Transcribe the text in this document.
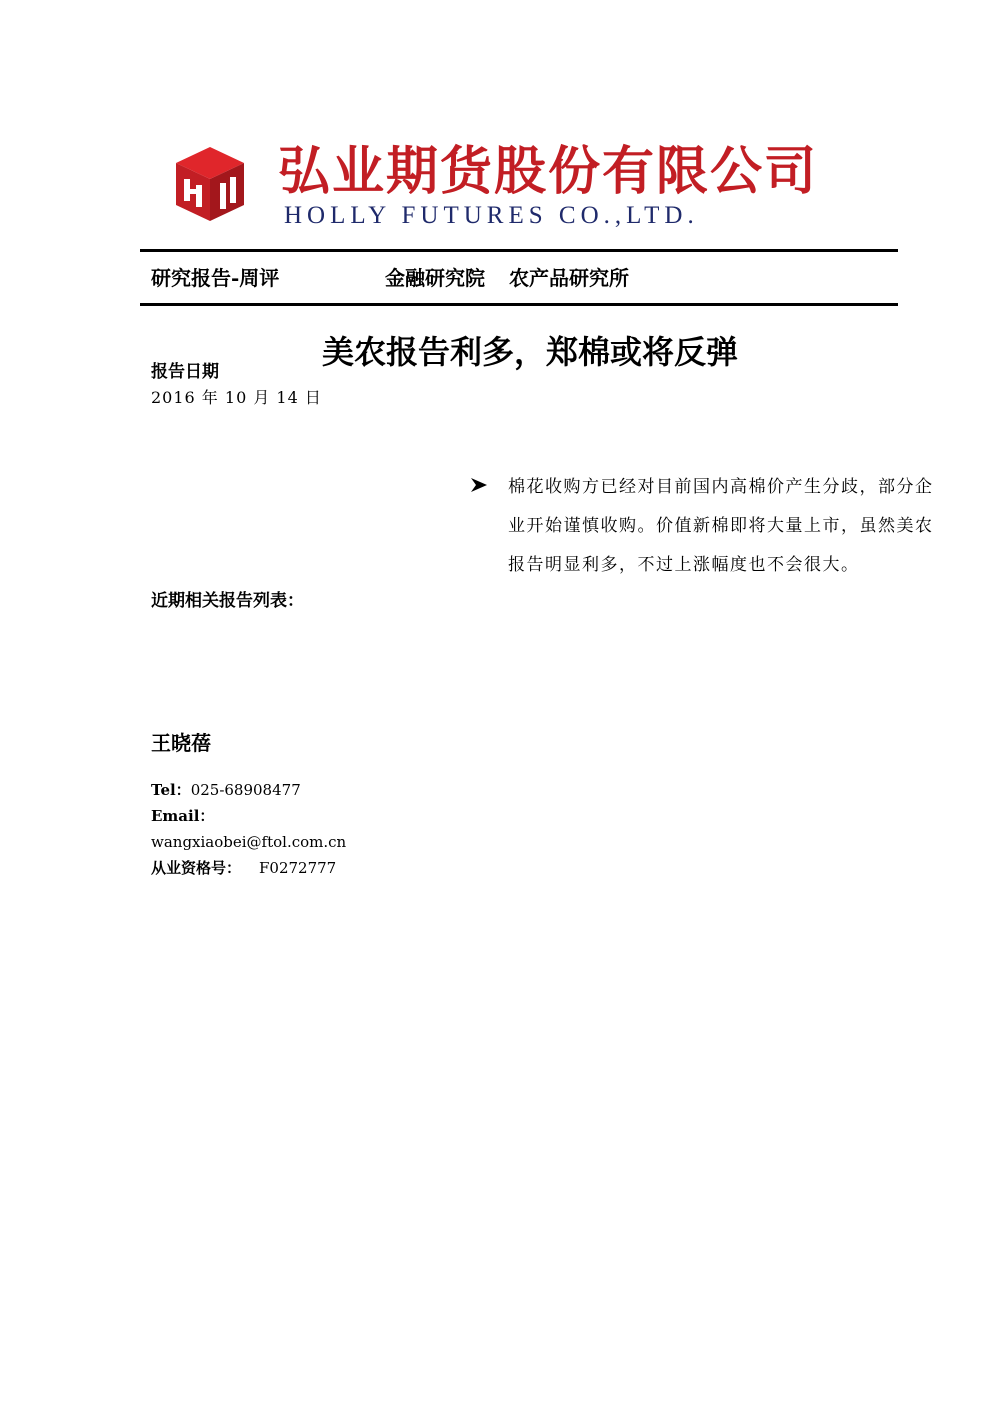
弘业期货股份有限公司
HOLLY FUTURES CO.,LTD.
研究报告-周评	金融研究院 农产品研究所
美农报告利多，郑棉或将反弹
报告日期
2016 年 10 月 14 日

棉花收购方已经对目前国内高棉价产生分歧，部分企业开始谨慎收购。价值新棉即将大量上市，虽然美农报告明显利多，不过上涨幅度也不会很大。

近期相关报告列表：
王晓蓓
Tel：025-68908477
Email：
wangxiaobei@ftol.com.cn
从业资格号： F0272777
